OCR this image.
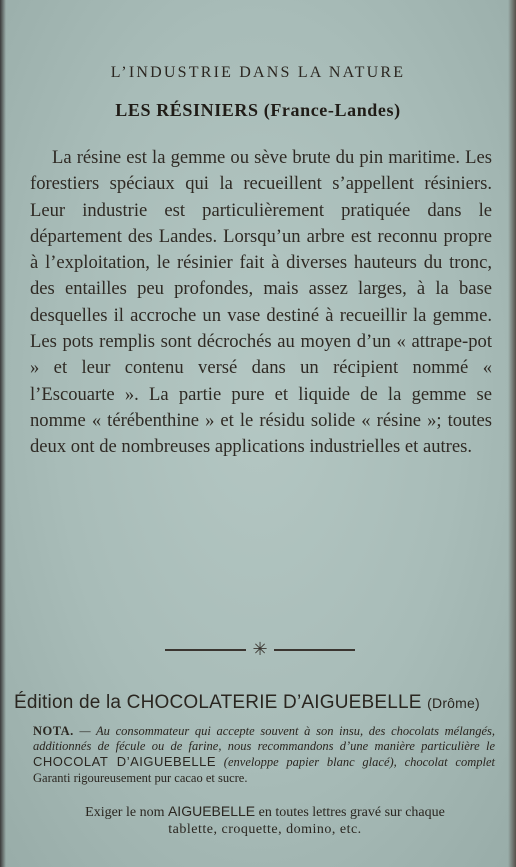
L’INDUSTRIE DANS LA NATURE
LES RÉSINIERS (France-Landes)

La résine est la gemme ou sève brute du pin maritime. Les forestiers spéciaux qui la recueillent s’appellent résiniers. Leur industrie est particulièrement pratiquée dans le département des Landes. Lorsqu’un arbre est reconnu propre à l’exploitation, le résinier fait à diverses hauteurs du tronc, des entailles peu profondes, mais assez larges, à la base desquelles il accroche un vase destiné à recueillir la gemme. Les pots remplis sont décrochés au moyen d’un « attrape-pot » et leur contenu versé dans un récipient nommé « l’Escouarte ». La partie pure et liquide de la gemme se nomme « térébenthine » et le résidu solide « résine »; toutes deux ont de nombreuses applications industrielles et autres.

✳
Édition de la CHOCOLATERIE D’AIGUEBELLE (Drôme)
NOTA. — Au consommateur qui accepte souvent à son insu, des chocolats mélangés, additionnés de fécule ou de farine, nous recommandons d’une manière particulière le CHOCOLAT D’AIGUEBELLE (enveloppe papier blanc glacé), chocolat complet Garanti rigoureusement pur cacao et sucre.
Exiger le nom AIGUEBELLE en toutes lettres gravé sur chaque
tablette, croquette, domino, etc.
